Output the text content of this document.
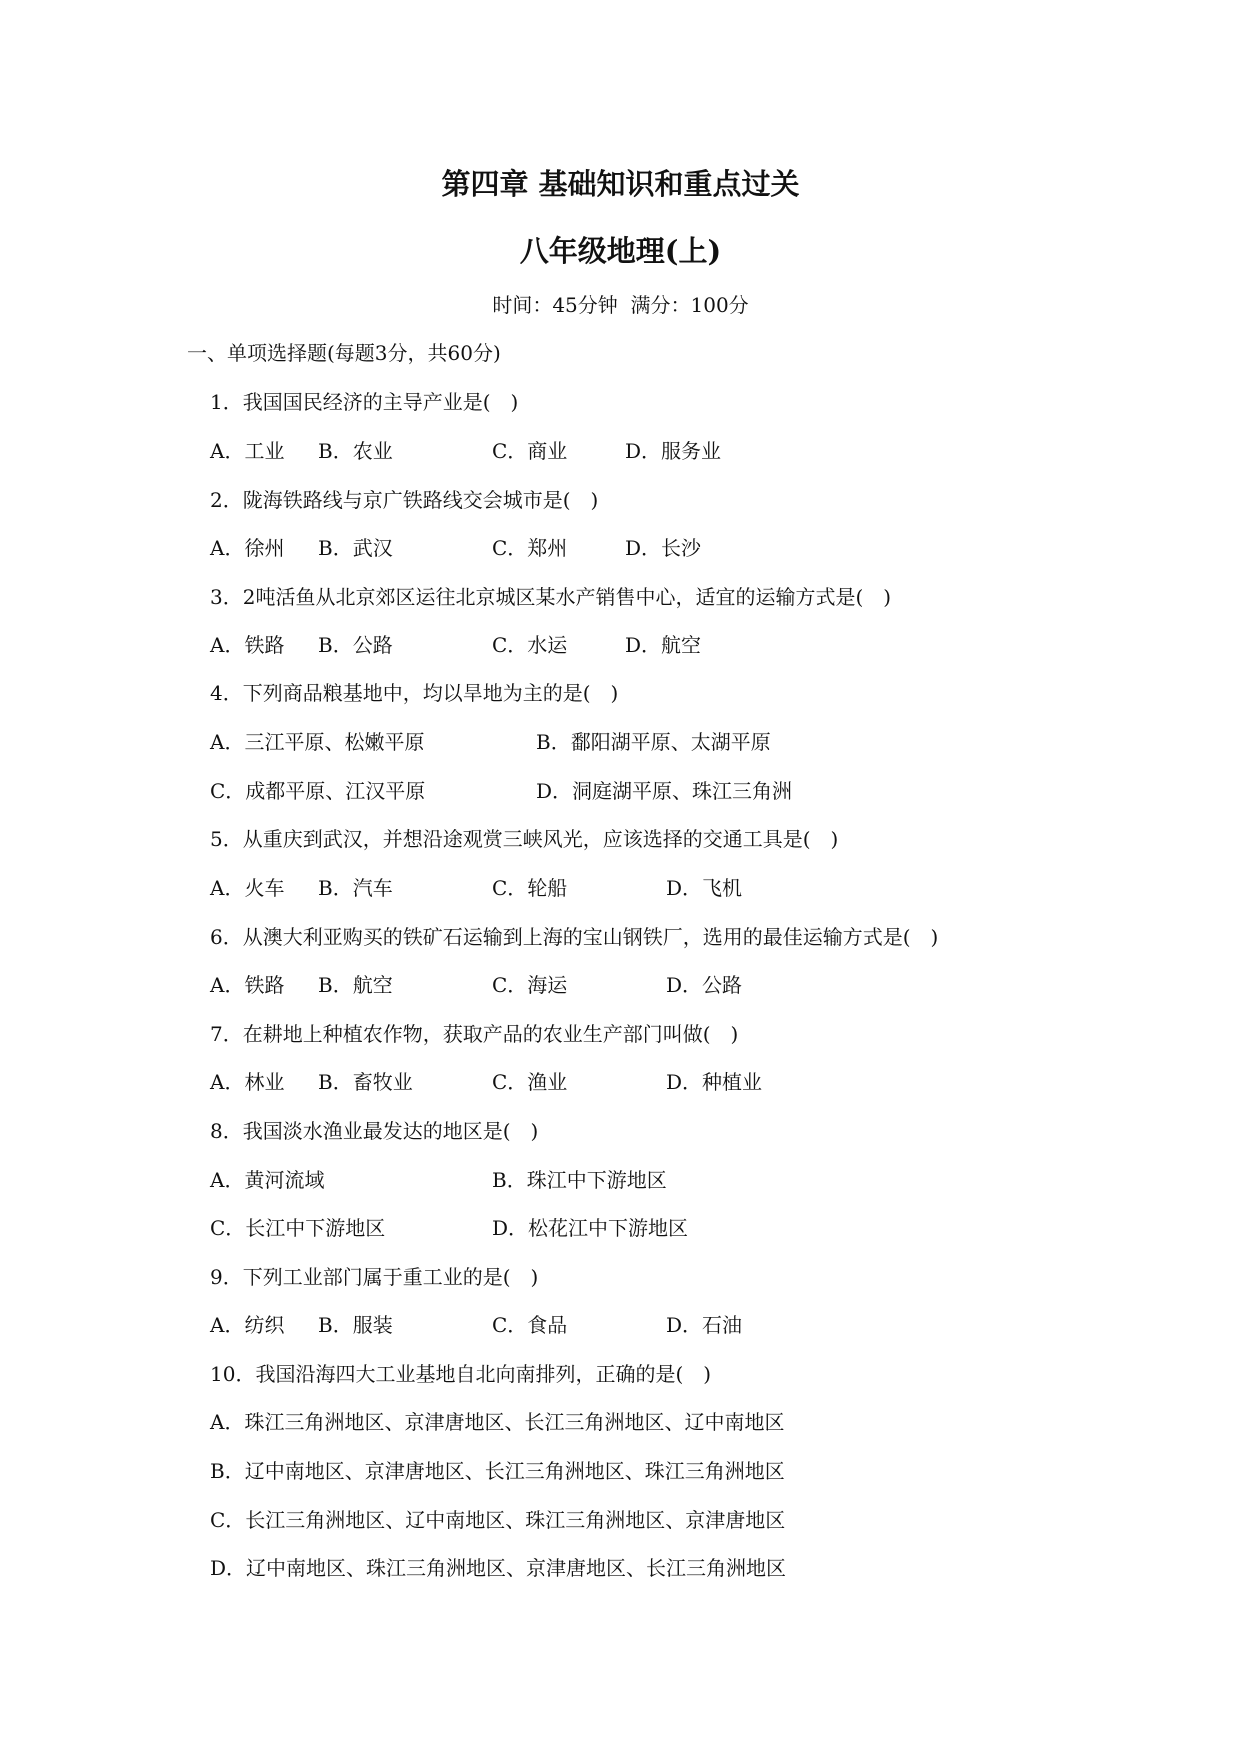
第四章 基础知识和重点过关
八年级地理(上)
时间：45分钟  满分：100分
一、单项选择题(每题3分，共60分)
1．我国国民经济的主导产业是(　)
A．工业 B．农业	C．商业	D．服务业
2．陇海铁路线与京广铁路线交会城市是(　)
A．徐州 B．武汉	C．郑州	D．长沙
3．2吨活鱼从北京郊区运往北京城区某水产销售中心，适宜的运输方式是(　)
A．铁路 B．公路	C．水运	D．航空
4．下列商品粮基地中，均以旱地为主的是(　)
A．三江平原、松嫩平原	B．鄱阳湖平原、太湖平原
C．成都平原、江汉平原	D．洞庭湖平原、珠江三角洲
5．从重庆到武汉，并想沿途观赏三峡风光，应该选择的交通工具是(　)
A．火车 B．汽车	C．轮船	D．飞机
6．从澳大利亚购买的铁矿石运输到上海的宝山钢铁厂，选用的最佳运输方式是(　)
A．铁路 B．航空	C．海运	D．公路
7．在耕地上种植农作物，获取产品的农业生产部门叫做(　)
A．林业 B．畜牧业	C．渔业	D．种植业
8．我国淡水渔业最发达的地区是(　)
A．黄河流域	B．珠江中下游地区
C．长江中下游地区	D．松花江中下游地区
9．下列工业部门属于重工业的是(　)
A．纺织 B．服装	C．食品	D．石油
10．我国沿海四大工业基地自北向南排列，正确的是(　)
A．珠江三角洲地区、京津唐地区、长江三角洲地区、辽中南地区
B．辽中南地区、京津唐地区、长江三角洲地区、珠江三角洲地区
C．长江三角洲地区、辽中南地区、珠江三角洲地区、京津唐地区
D．辽中南地区、珠江三角洲地区、京津唐地区、长江三角洲地区
